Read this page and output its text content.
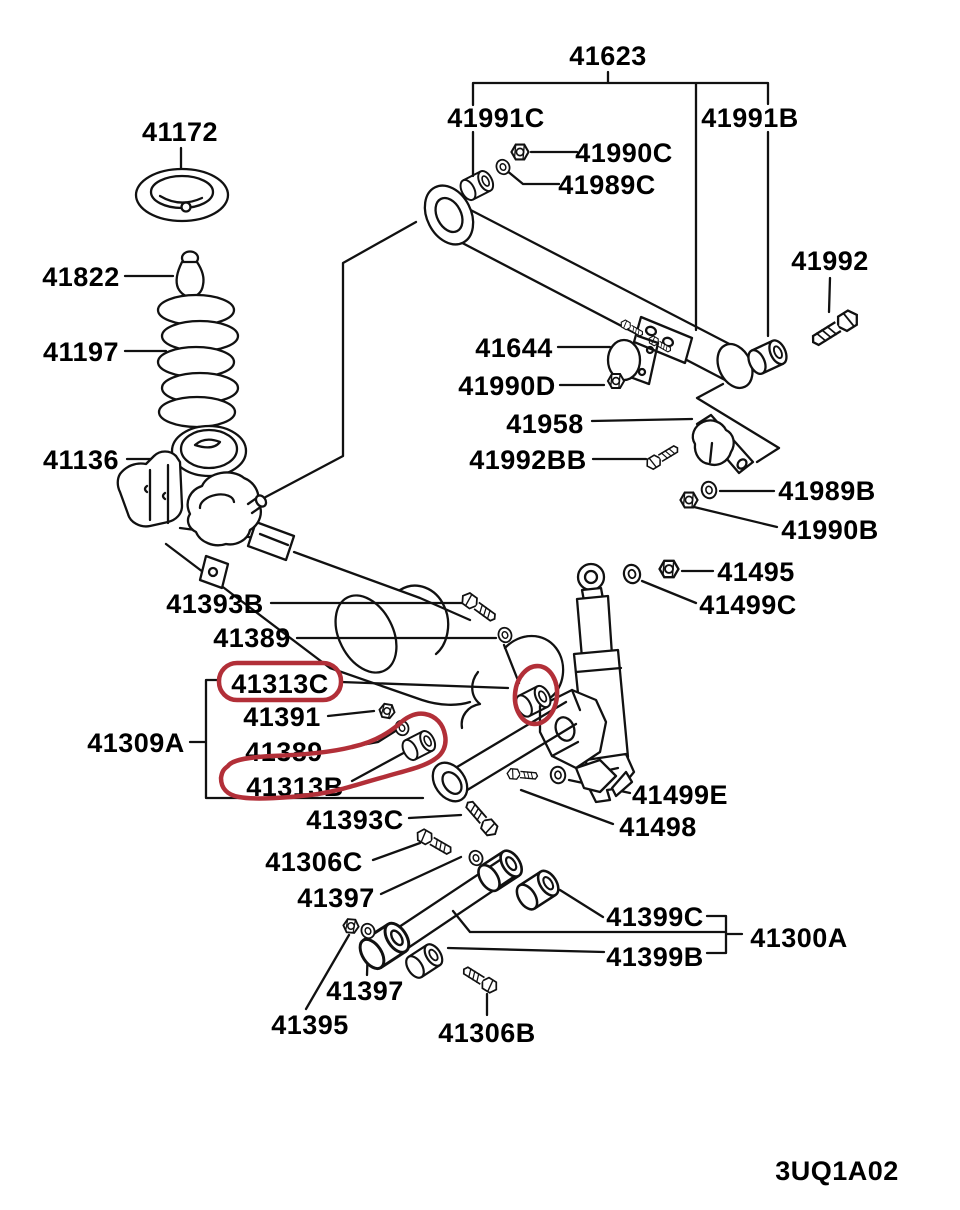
41623
41991C	41991B
41990C
41989C
41992
41644
41990D
41958
41992BB
41989B
41990B
41172
41822
41197
41136
41495
41499C
41393B
41389
41313C
41391
41389
41313B
41309A
41393C
41499E
41498
41306C
41397
41399C
41399B
41300A
41397
41395	41306B
3UQ1A02
